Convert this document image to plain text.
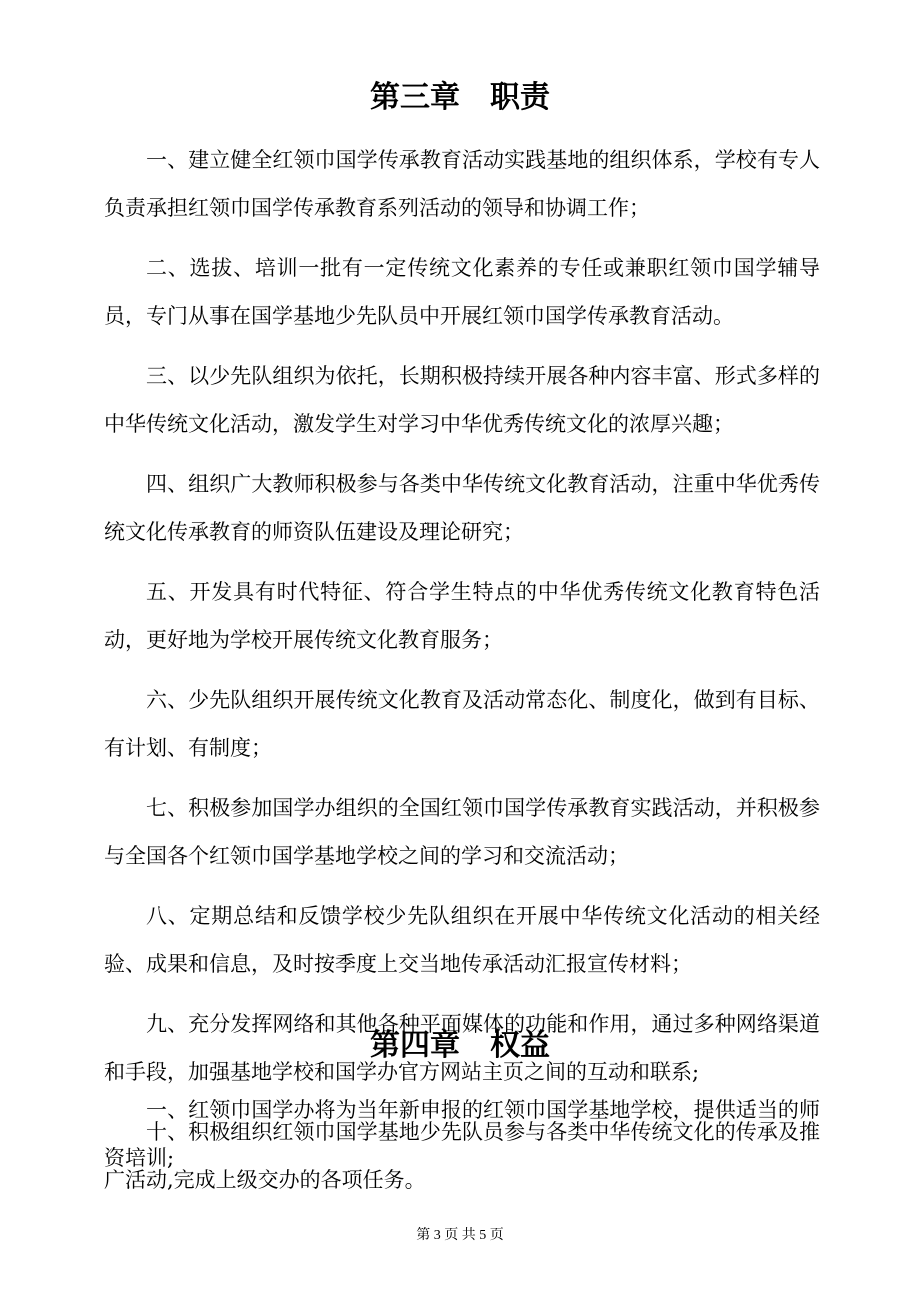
第三章　职责

一、建立健全红领巾国学传承教育活动实践基地的组织体系，学校有专人负责承担红领巾国学传承教育系列活动的领导和协调工作；

二、选拔、培训一批有一定传统文化素养的专任或兼职红领巾国学辅导员，专门从事在国学基地少先队员中开展红领巾国学传承教育活动。

三、以少先队组织为依托，长期积极持续开展各种内容丰富、形式多样的中华传统文化活动，激发学生对学习中华优秀传统文化的浓厚兴趣；

四、组织广大教师积极参与各类中华传统文化教育活动，注重中华优秀传统文化传承教育的师资队伍建设及理论研究；

五、开发具有时代特征、符合学生特点的中华优秀传统文化教育特色活动，更好地为学校开展传统文化教育服务；

六、少先队组织开展传统文化教育及活动常态化、制度化，做到有目标、有计划、有制度；

七、积极参加国学办组织的全国红领巾国学传承教育实践活动，并积极参与全国各个红领巾国学基地学校之间的学习和交流活动；

八、定期总结和反馈学校少先队组织在开展中华传统文化活动的相关经验、成果和信息，及时按季度上交当地传承活动汇报宣传材料；

九、充分发挥网络和其他各种平面媒体的功能和作用，通过多种网络渠道和手段，加强基地学校和国学办官方网站主页之间的互动和联系;

十、积极组织红领巾国学基地少先队员参与各类中华传统文化的传承及推广活动,完成上级交办的各项任务。

第四章　权益

一、红领巾国学办将为当年新申报的红领巾国学基地学校，提供适当的师资培训;

第 3 页 共 5 页
